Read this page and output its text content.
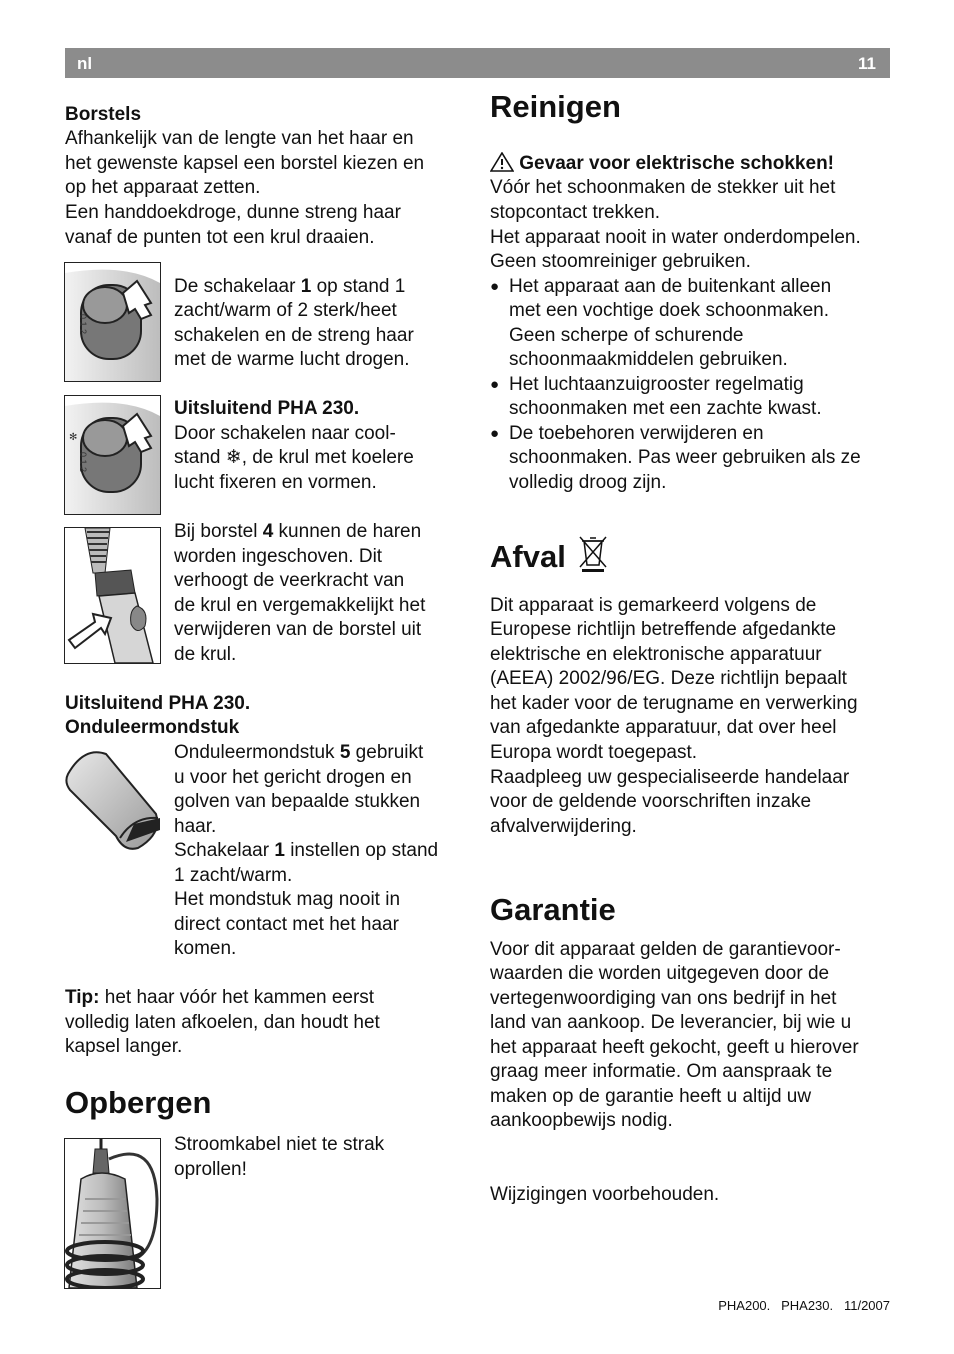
nl	11
Borstels
Afhankelijk van de lengte van het haar en
het gewenste kapsel een borstel kiezen en
op het apparaat zetten.
Een handdoekdroge, dunne streng haar
vanaf de punten tot een krul draaien.
0 1 2
De schakelaar 1 op stand 1
zacht/warm of 2 sterk/heet
schakelen en de streng haar
met de warme lucht drogen.
✻
0 1 2
Uitsluitend PHA 230.
Door schakelen naar cool-
stand ❄, de krul met koelere
lucht fixeren en vormen.
Bij borstel 4 kunnen de haren
worden ingeschoven. Dit
verhoogt de veerkracht van
de krul en vergemakkelijkt het
verwijderen van de borstel uit
de krul.
Uitsluitend PHA 230.
Onduleermondstuk
Onduleermondstuk 5 gebruikt
u voor het gericht drogen en
golven van bepaalde stukken
haar.
Schakelaar 1 instellen op stand
1 zacht/warm.
Het mondstuk mag nooit in
direct contact met het haar
komen.
Tip: het haar vóór het kammen eerst
volledig laten afkoelen, dan houdt het
kapsel langer.
Opbergen
Stroomkabel niet te strak
oprollen!
Reinigen
Gevaar voor elektrische schokken!
Vóór het schoonmaken de stekker uit het
stopcontact trekken.
Het apparaat nooit in water onderdompelen.
Geen stoomreiniger gebruiken.
● Het apparaat aan de buitenkant alleen
met een vochtige doek schoonmaken.
Geen scherpe of schurende
schoonmaakmiddelen gebruiken.
● Het luchtaanzuigrooster regelmatig
schoonmaken met een zachte kwast.
● De toebehoren verwijderen en
schoonmaken. Pas weer gebruiken als ze
volledig droog zijn.
Afval
Dit apparaat is gemarkeerd volgens de
Europese richtlijn betreffende afgedankte
elektrische en elektronische apparatuur
(AEEA) 2002/96/EG. Deze richtlijn bepaalt
het kader voor de terugname en verwerking
van afgedankte apparatuur, dat over heel
Europa wordt toegepast.
Raadpleeg uw gespecialiseerde handelaar
voor de geldende voorschriften inzake
afvalverwijdering.
Garantie
Voor dit apparaat gelden de garantievoor-
waarden die worden uitgegeven door de
vertegenwoordiging van ons bedrijf in het
land van aankoop. De leverancier, bij wie u
het apparaat heeft gekocht, geeft u hierover
graag meer informatie. Om aanspraak te
maken op de garantie heeft u altijd uw
aankoopbewijs nodig.
Wijzigingen voorbehouden.
PHA200.   PHA230.   11/2007
